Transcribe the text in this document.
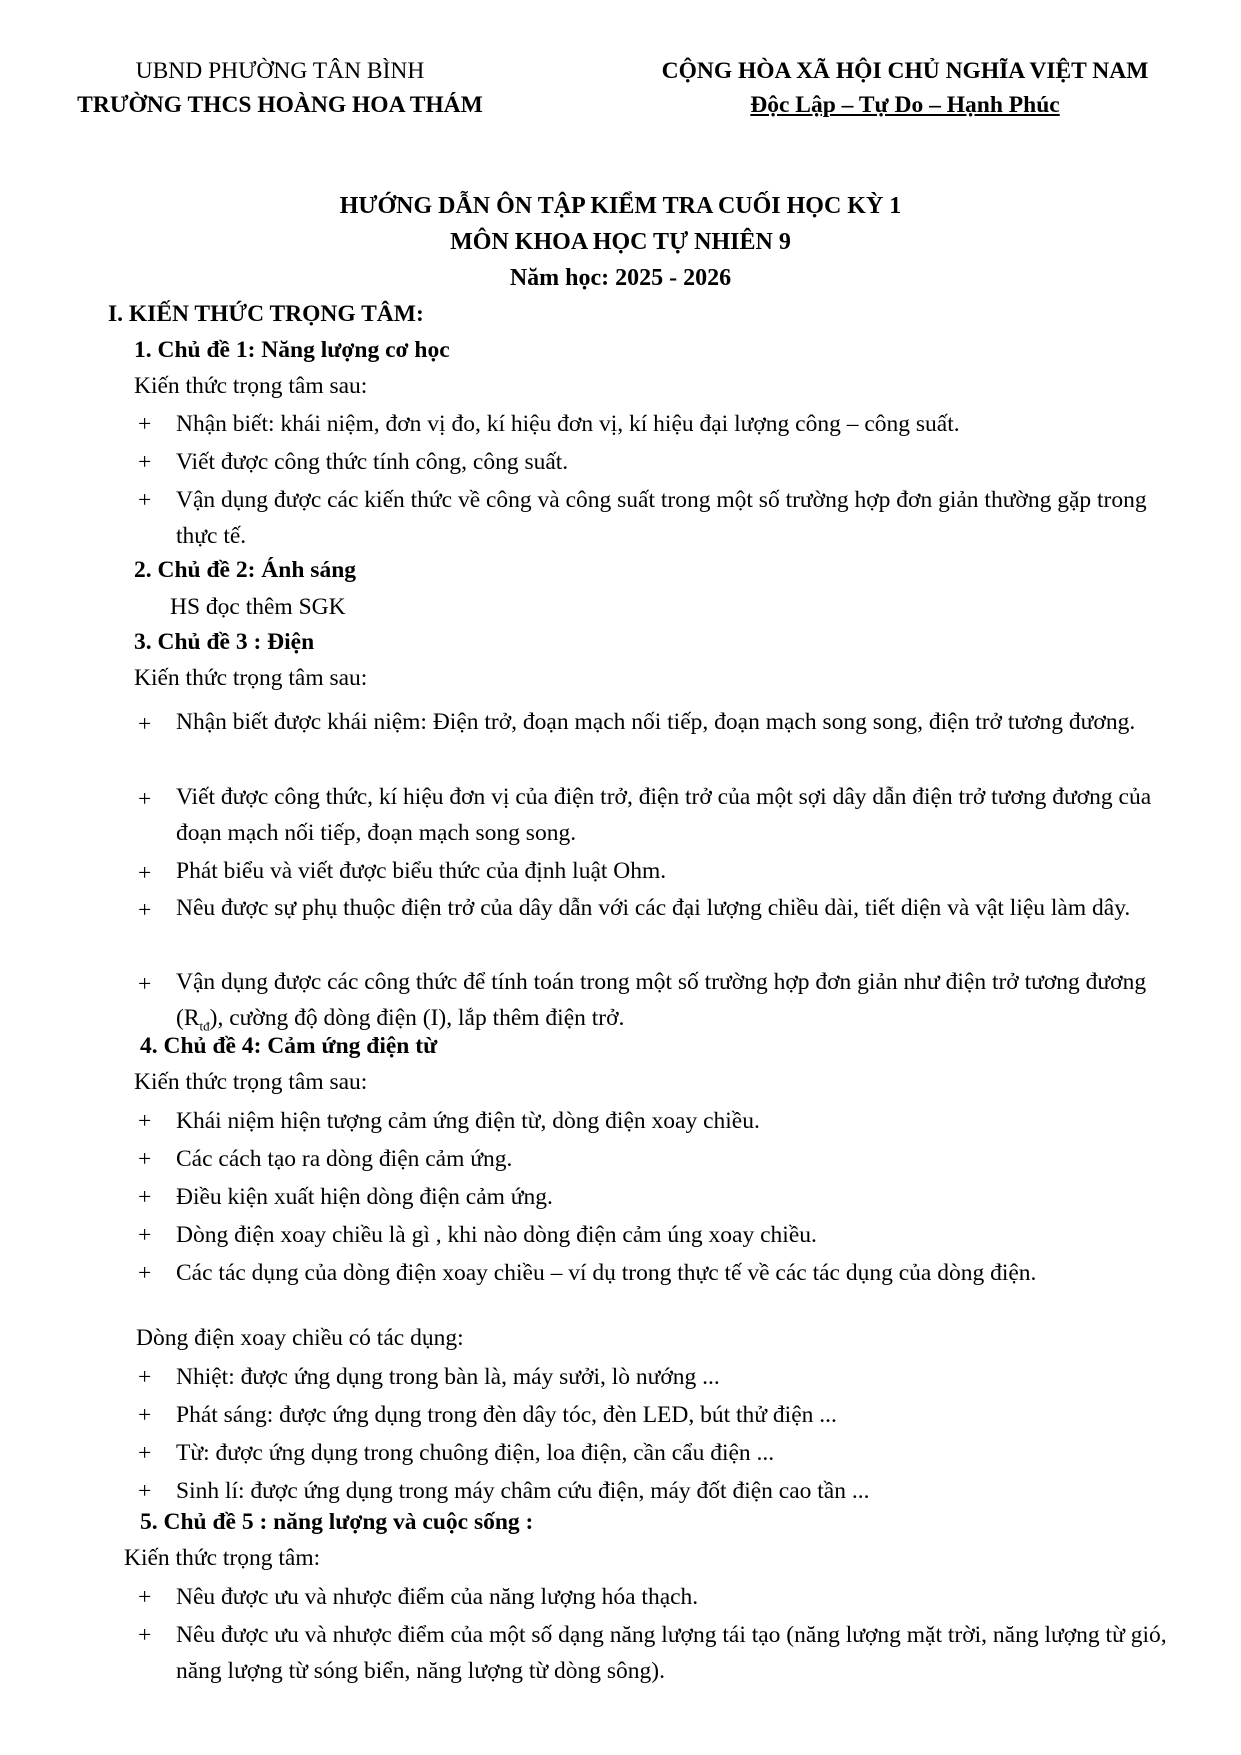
UBND PHƯỜNG TÂN BÌNH
TRƯỜNG THCS HOÀNG HOA THÁM
CỘNG HÒA XÃ HỘI CHỦ NGHĨA VIỆT NAM
Độc Lập – Tự Do – Hạnh Phúc
HƯỚNG DẪN ÔN TẬP KIỂM TRA CUỐI HỌC KỲ 1
MÔN KHOA HỌC TỰ NHIÊN 9
Năm học: 2025 - 2026
I. KIẾN THỨC TRỌNG TÂM:
1. Chủ đề 1: Năng lượng cơ học
Kiến thức trọng tâm sau:
+ Nhận biết: khái niệm, đơn vị đo, kí hiệu đơn vị, kí hiệu đại lượng công – công suất.
+ Viết được công thức tính công, công suất.
+ Vận dụng được các kiến thức về công và công suất trong một số trường hợp đơn giản thường gặp trong thực tế.
2. Chủ đề 2: Ánh sáng
HS đọc thêm SGK
3. Chủ đề 3 : Điện
Kiến thức trọng tâm sau:
+ Nhận biết được khái niệm: Điện trở, đoạn mạch nối tiếp, đoạn mạch song song, điện trở tương đương.
+ Viết được công thức, kí hiệu đơn vị của điện trở, điện trở của một sợi dây dẫn điện trở tương đương của đoạn mạch nối tiếp, đoạn mạch song song.
+ Phát biểu và viết được biểu thức của định luật Ohm.
+ Nêu được sự phụ thuộc điện trở của dây dẫn với các đại lượng chiều dài, tiết diện và vật liệu làm dây.
+ Vận dụng được các công thức để tính toán trong một số trường hợp đơn giản như điện trở tương đương $(R_{tđ})$, cường độ dòng điện (I), lắp thêm điện trở.
4. Chủ đề 4: Cảm ứng điện từ
Kiến thức trọng tâm sau:
+ Khái niệm hiện tượng cảm ứng điện từ, dòng điện xoay chiều.
+ Các cách tạo ra dòng điện cảm ứng.
+ Điều kiện xuất hiện dòng điện cảm ứng.
+ Dòng điện xoay chiều là gì , khi nào dòng điện cảm úng xoay chiều.
+ Các tác dụng của dòng điện xoay chiều – ví dụ trong thực tế về các tác dụng của dòng điện.
Dòng điện xoay chiều có tác dụng:
+ Nhiệt: được ứng dụng trong bàn là, máy sưởi, lò nướng ...
+ Phát sáng: được ứng dụng trong đèn dây tóc, đèn LED, bút thử điện ...
+ Từ: được ứng dụng trong chuông điện, loa điện, cần cẩu điện ...
+ Sinh lí: được ứng dụng trong máy châm cứu điện, máy đốt điện cao tần ...
5. Chủ đề 5 : năng lượng và cuộc sống :
Kiến thức trọng tâm:
+ Nêu được ưu và nhược điểm của năng lượng hóa thạch.
+ Nêu được ưu và nhược điểm của một số dạng năng lượng tái tạo (năng lượng mặt trời, năng lượng từ gió, năng lượng từ sóng biển, năng lượng từ dòng sông).
